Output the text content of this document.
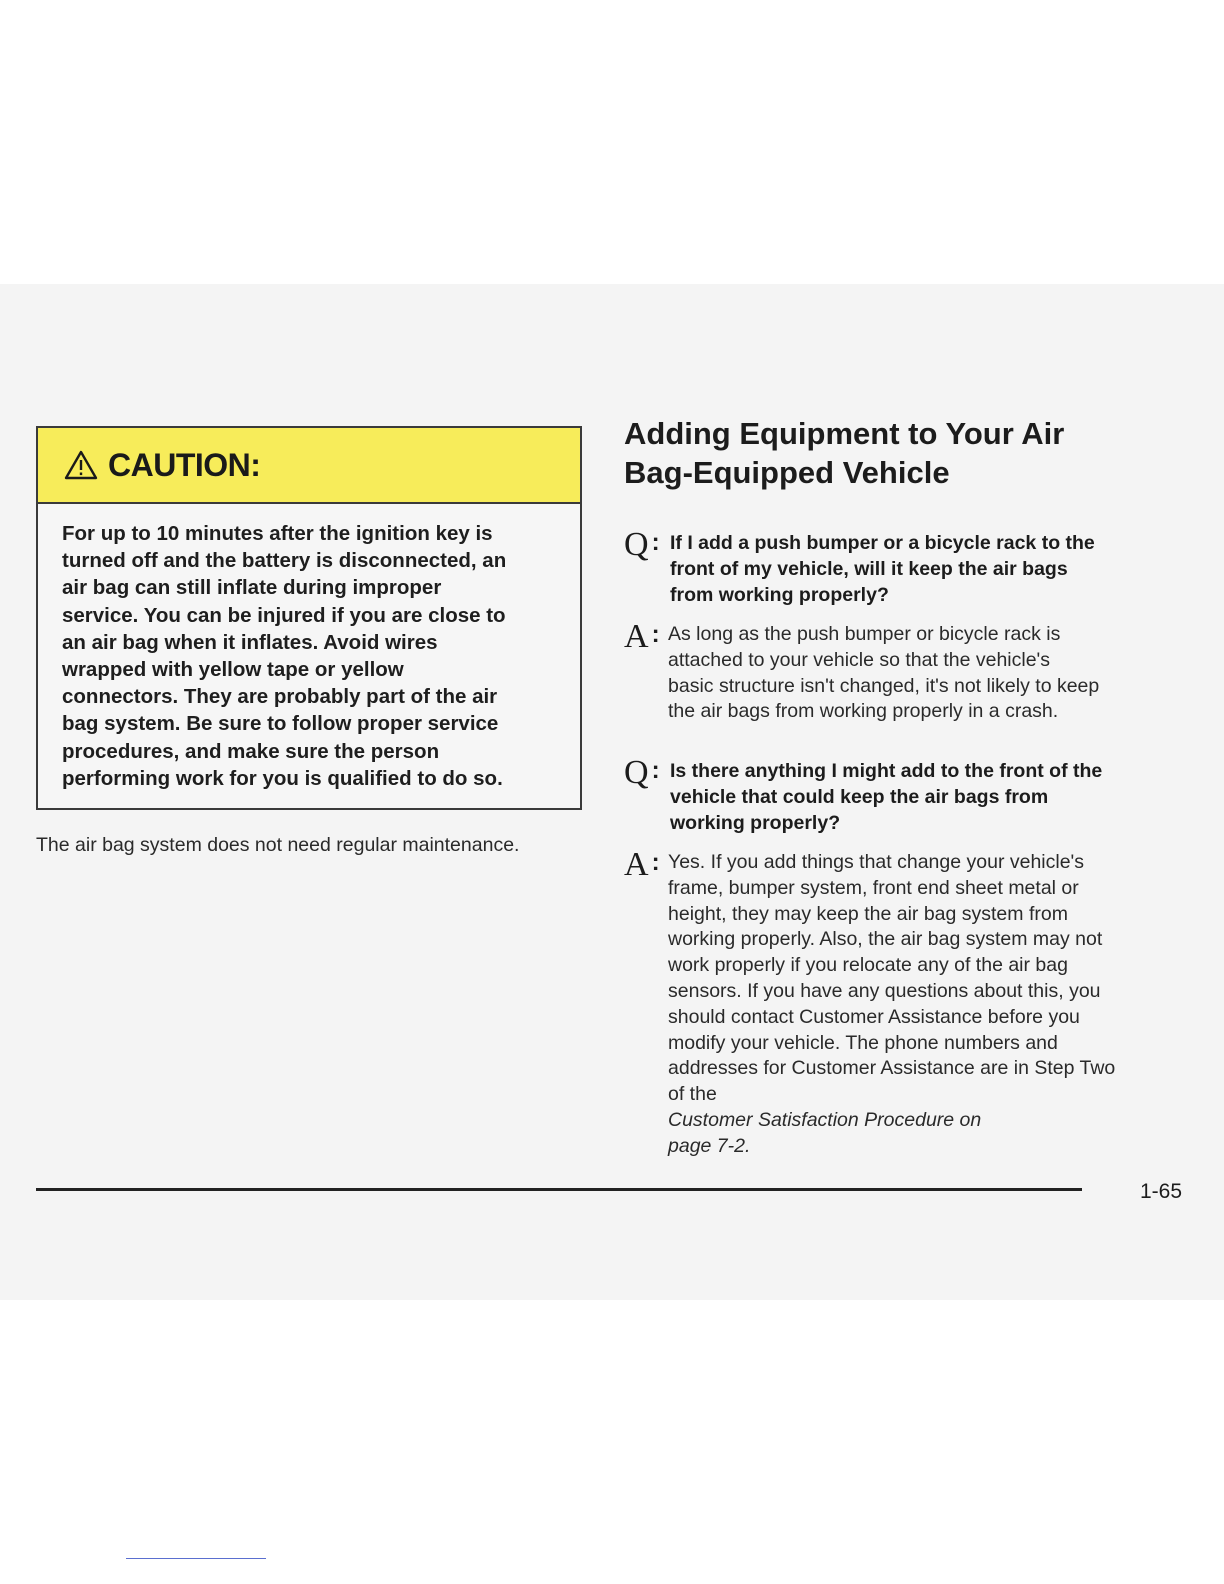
CAUTION:
For up to 10 minutes after the ignition key is
turned off and the battery is disconnected, an
air bag can still inflate during improper
service. You can be injured if you are close to
an air bag when it inflates. Avoid wires
wrapped with yellow tape or yellow
connectors. They are probably part of the air
bag system. Be sure to follow proper service
procedures, and make sure the person
performing work for you is qualified to do so.
The air bag system does not need regular maintenance.
Adding Equipment to Your Air
Bag-Equipped Vehicle
Q : If I add a push bumper or a bicycle rack to the
front of my vehicle, will it keep the air bags
from working properly?
A : As long as the push bumper or bicycle rack is
attached to your vehicle so that the vehicle's
basic structure isn't changed, it's not likely to keep
the air bags from working properly in a crash.
Q : Is there anything I might add to the front of the
vehicle that could keep the air bags from
working properly?
A : Yes. If you add things that change your vehicle's
frame, bumper system, front end sheet metal or
height, they may keep the air bag system from
working properly. Also, the air bag system may not
work properly if you relocate any of the air bag
sensors. If you have any questions about this, you
should contact Customer Assistance before you
modify your vehicle. The phone numbers and
addresses for Customer Assistance are in Step Two
of the
Customer Satisfaction Procedure on
page 7-2.
1-65
